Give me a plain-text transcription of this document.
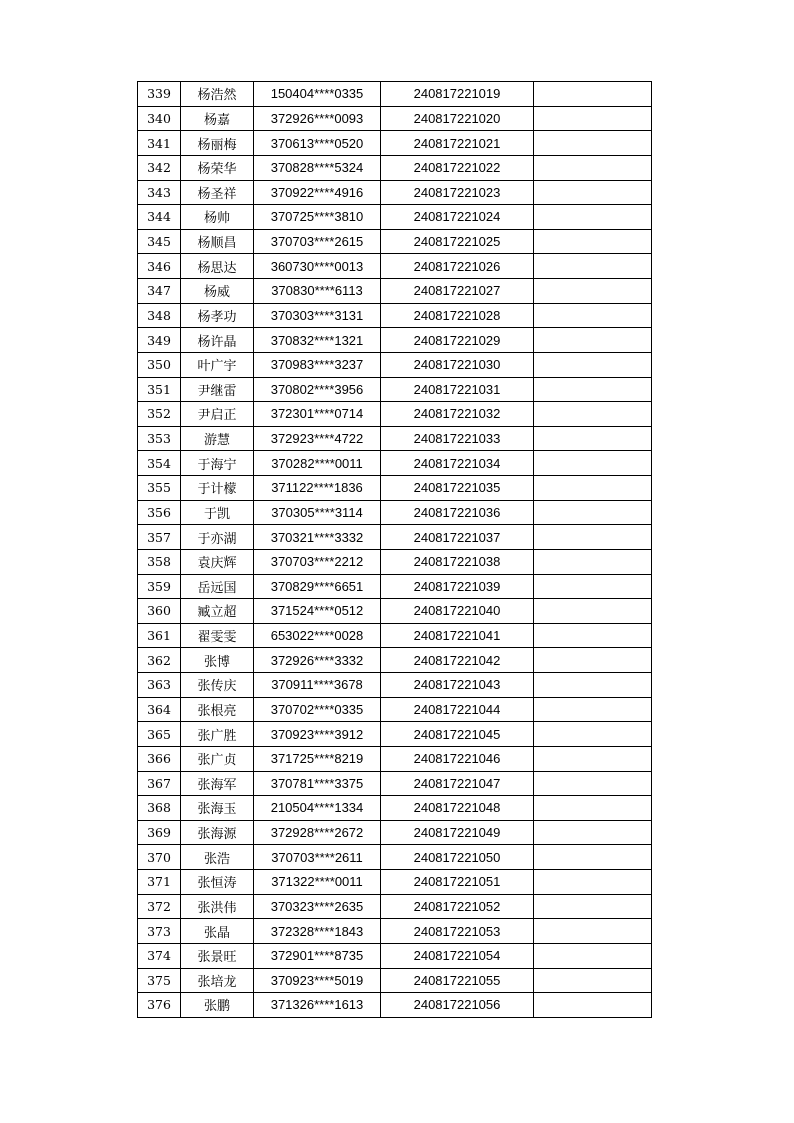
339	杨浩然	150404****0335	240817221019	
340	杨嘉	372926****0093	240817221020	
341	杨丽梅	370613****0520	240817221021	
342	杨荣华	370828****5324	240817221022	
343	杨圣祥	370922****4916	240817221023	
344	杨帅	370725****3810	240817221024	
345	杨顺昌	370703****2615	240817221025	
346	杨思达	360730****0013	240817221026	
347	杨威	370830****6113	240817221027	
348	杨孝功	370303****3131	240817221028	
349	杨许晶	370832****1321	240817221029	
350	叶广宇	370983****3237	240817221030	
351	尹继雷	370802****3956	240817221031	
352	尹启正	372301****0714	240817221032	
353	游慧	372923****4722	240817221033	
354	于海宁	370282****0011	240817221034	
355	于计檬	371122****1836	240817221035	
356	于凯	370305****3114	240817221036	
357	于亦湖	370321****3332	240817221037	
358	袁庆辉	370703****2212	240817221038	
359	岳远国	370829****6651	240817221039	
360	臧立超	371524****0512	240817221040	
361	翟雯雯	653022****0028	240817221041	
362	张博	372926****3332	240817221042	
363	张传庆	370911****3678	240817221043	
364	张根亮	370702****0335	240817221044	
365	张广胜	370923****3912	240817221045	
366	张广贞	371725****8219	240817221046	
367	张海军	370781****3375	240817221047	
368	张海玉	210504****1334	240817221048	
369	张海源	372928****2672	240817221049	
370	张浩	370703****2611	240817221050	
371	张恒涛	371322****0011	240817221051	
372	张洪伟	370323****2635	240817221052	
373	张晶	372328****1843	240817221053	
374	张景旺	372901****8735	240817221054	
375	张培龙	370923****5019	240817221055	
376	张鹏	371326****1613	240817221056	
